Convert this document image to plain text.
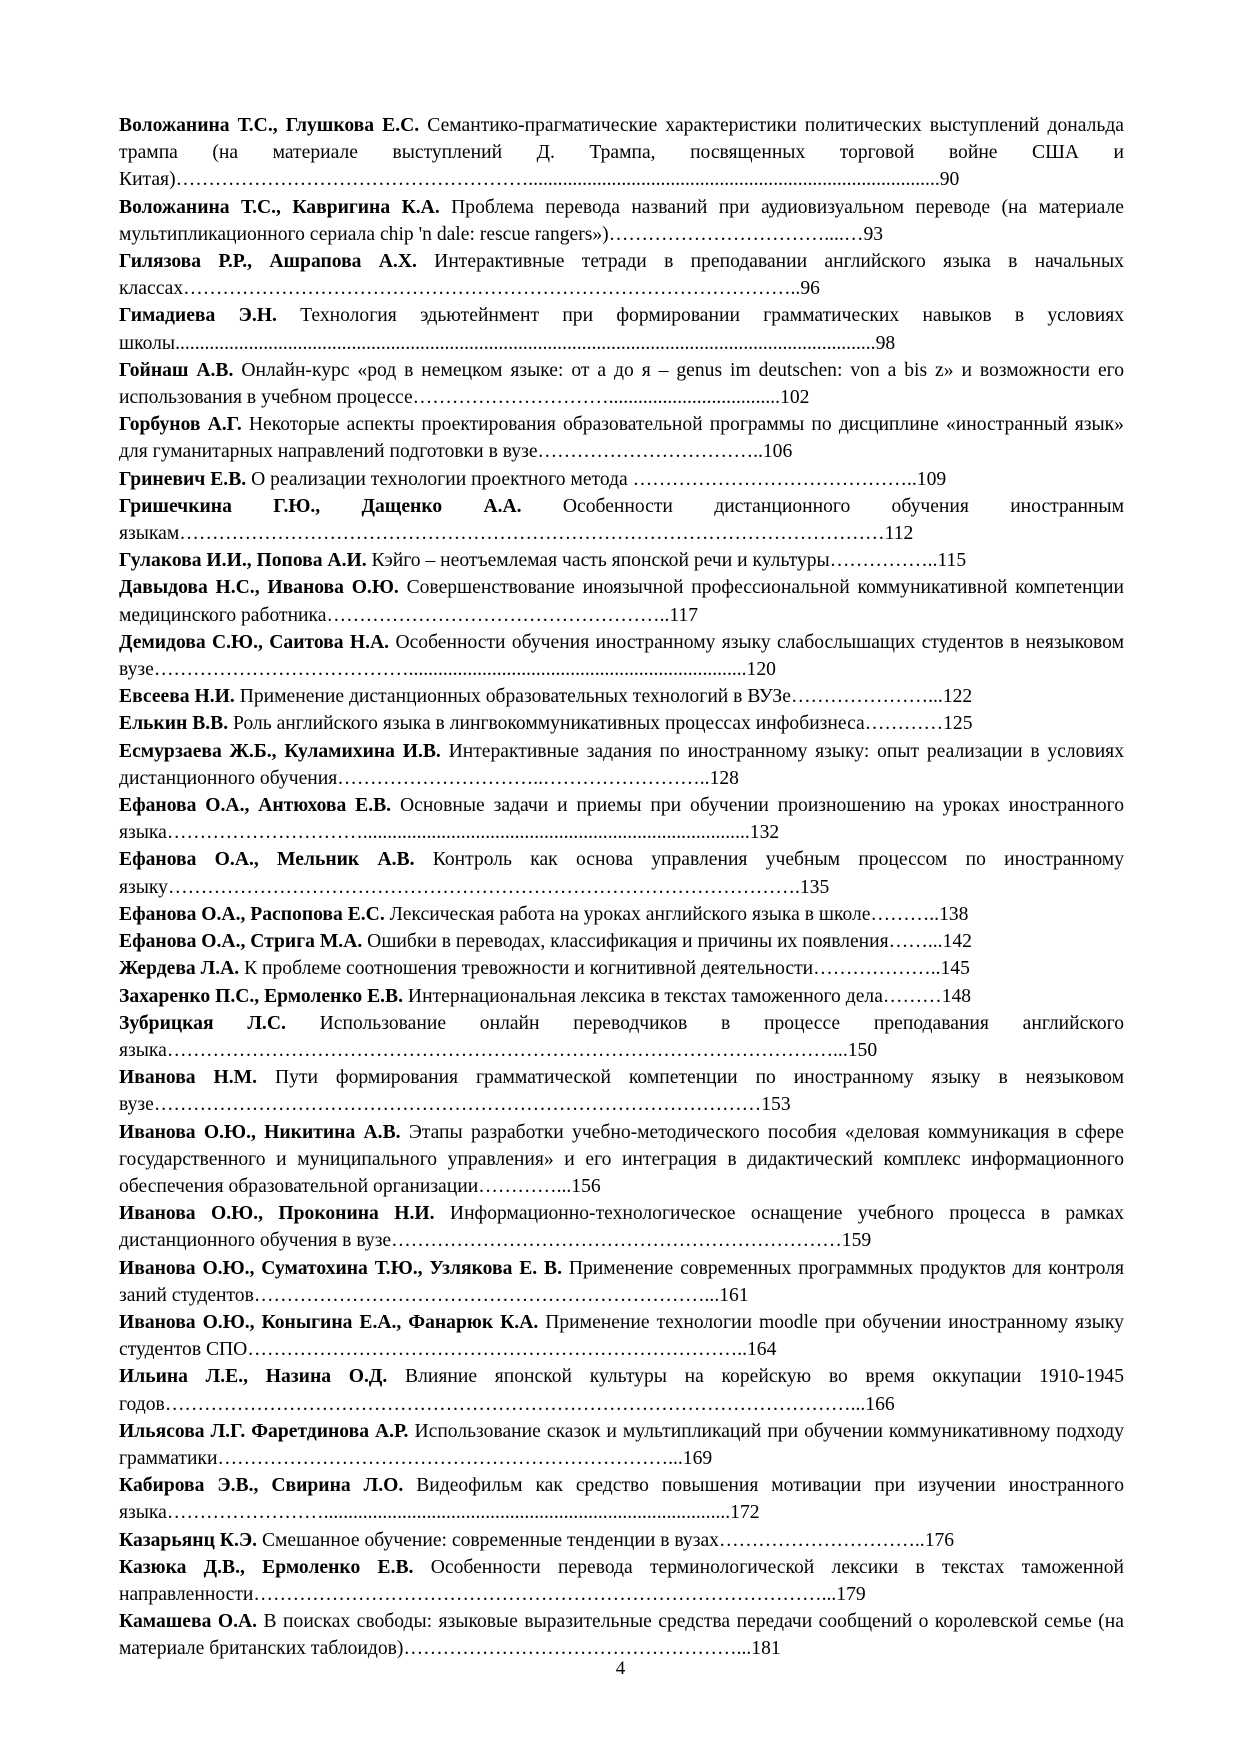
Воложанина Т.С., Глушкова Е.С. Семантико-прагматические характеристики политических выступлений дональда трампа (на материале выступлений Д. Трампа, посвященных торговой войне США и Китая)………………………………………………....................................................................................90

Воложанина Т.С., Кавригина К.А. Проблема перевода названий при аудиовизуальном переводе (на материале мультипликационного сериала chip 'n dale: rescue rangers»)……………………………....…93

Гилязова Р.Р., Ашрапова А.Х. Интерактивные тетради в преподавании английского языка в начальных классах…………………………………………………………………………………..96

Гимадиева Э.Н. Технология эдьютейнмент при формировании грамматических навыков в условиях школы...............................................................................................................................................98

Гойнаш А.В. Онлайн-курс «род в немецком языке: от а до я – genus im deutschen: von a bis z» и возможности его использования в учебном процессе…………………………...................................102

Горбунов А.Г. Некоторые аспекты проектирования образовательной программы по дисциплине «иностранный язык» для гуманитарных направлений подготовки в вузе……………………………..106

Гриневич Е.В. О реализации технологии проектного метода ……………………………………..109

Гришечкина Г.Ю., Дащенко А.А. Особенности дистанционного обучения иностранным языкам………………………………………………………………………………………………112

Гулакова И.И., Попова А.И. Кэйго – неотъемлемая часть японской речи и культуры……………..115

Давыдова Н.С., Иванова О.Ю. Совершенствование иноязычной профессиональной коммуникативной компетенции медицинского работника……………………………………………..117

Демидова С.Ю., Саитова Н.А. Особенности обучения иностранному языку слабослышащих студентов в неязыковом вузе………………………………….....................................................................120

Евсеева Н.И. Применение дистанционных образовательных технологий в ВУЗе…………………...122

Елькин В.В. Роль английского языка в лингвокоммуникативных процессах инфобизнеса…………125

Есмурзаева Ж.Б., Куламихина И.В. Интерактивные задания по иностранному языку: опыт реализации в условиях дистанционного обучения…………………………..……………………..128

Ефанова О.А., Антюхова Е.В. Основные задачи и приемы при обучении произношению на уроках иностранного языка…………………………...............................................................................132

Ефанова О.А., Мельник А.В. Контроль как основа управления учебным процессом по иностранному языку…………………………………………………………………………………….135

Ефанова О.А., Распопова Е.С. Лексическая работа на уроках английского языка в школе………..138

Ефанова О.А., Стрига М.А. Ошибки в переводах, классификация и причины их появления……...142

Жердева Л.А. К проблеме соотношения тревожности и когнитивной деятельности………………..145

Захаренко П.С., Ермоленко Е.В. Интернациональная лексика в текстах таможенного дела………148

Зубрицкая Л.С. Использование онлайн переводчиков в процессе преподавания английского языка…………………………………………………………………………………………...150

Иванова Н.М. Пути формирования грамматической компетенции по иностранному языку в неязыковом вузе…………………………………………………………………………………153

Иванова О.Ю., Никитина А.В. Этапы разработки учебно-методического пособия «деловая коммуникация в сфере государственного и муниципального управления» и его интеграция в дидактический комплекс информационного обеспечения образовательной организации…………...156

Иванова О.Ю., Проконина Н.И. Информационно-технологическое оснащение учебного процесса в рамках дистанционного обучения в вузе……………………………………………………………159

Иванова О.Ю., Суматохина Т.Ю., Узлякова Е. В. Применение современных программных продуктов для контроля заний студентов……………………………………………………………...161

Иванова О.Ю., Коныгина Е.А., Фанарюк К.А. Применение технологии moodle при обучении иностранному языку студентов СПО…………………………………………………………………..164

Ильина Л.Е., Назина О.Д. Влияние японской культуры на корейскую во время оккупации 1910-1945 годов……………………………………………………………………………………………...166

Ильясова Л.Г. Фаретдинова А.Р. Использование сказок и мультипликаций при обучении коммуникативному подходу грамматики……………………………………………………………...169

Кабирова Э.В., Свирина Л.О. Видеофильм как средство повышения мотивации при изучении иностранного языка……………………...................................................................................172

Казарьянц К.Э. Смешанное обучение: современные тенденции в вузах…………………………..176

Казюка Д.В., Ермоленко Е.В. Особенности перевода терминологической лексики в текстах таможенной направленности……………………………………………………………………………...179

Камашева О.А. В поисках свободы: языковые выразительные средства передачи сообщений о королевской семье (на материале британских таблоидов)……………………………………………...181

4
